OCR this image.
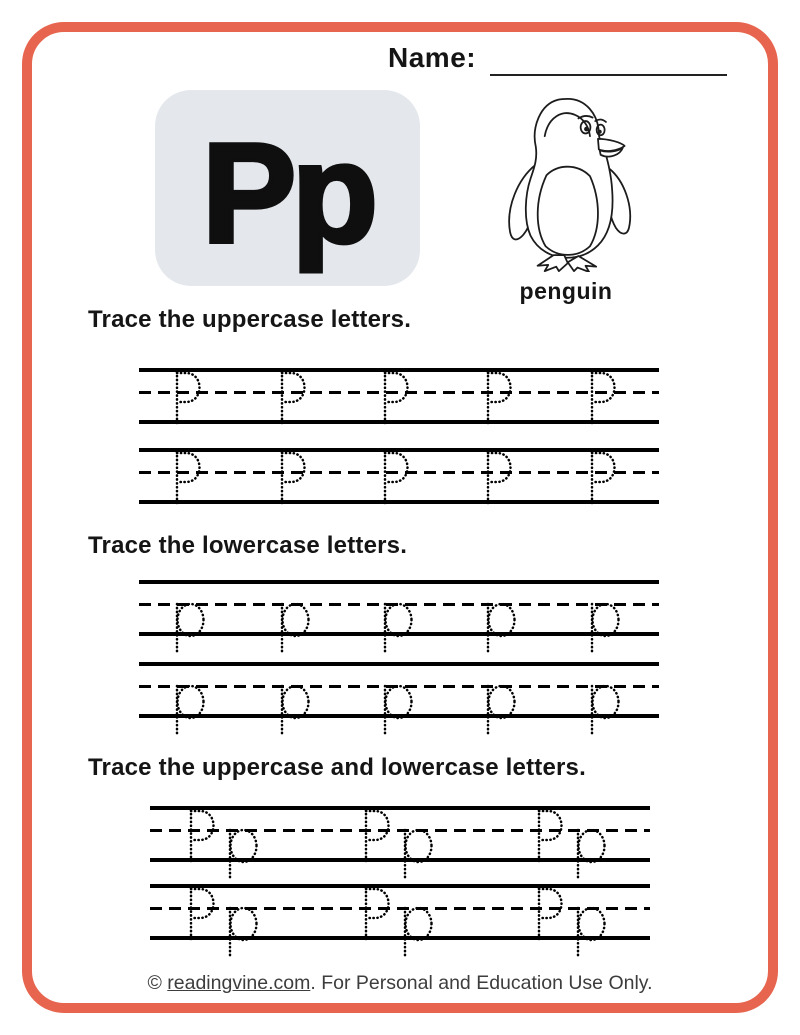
Name:
Pp
penguin
Trace the uppercase letters.
Trace the lowercase letters.
Trace the uppercase and lowercase letters.
© readingvine.com. For Personal and Education Use Only.
